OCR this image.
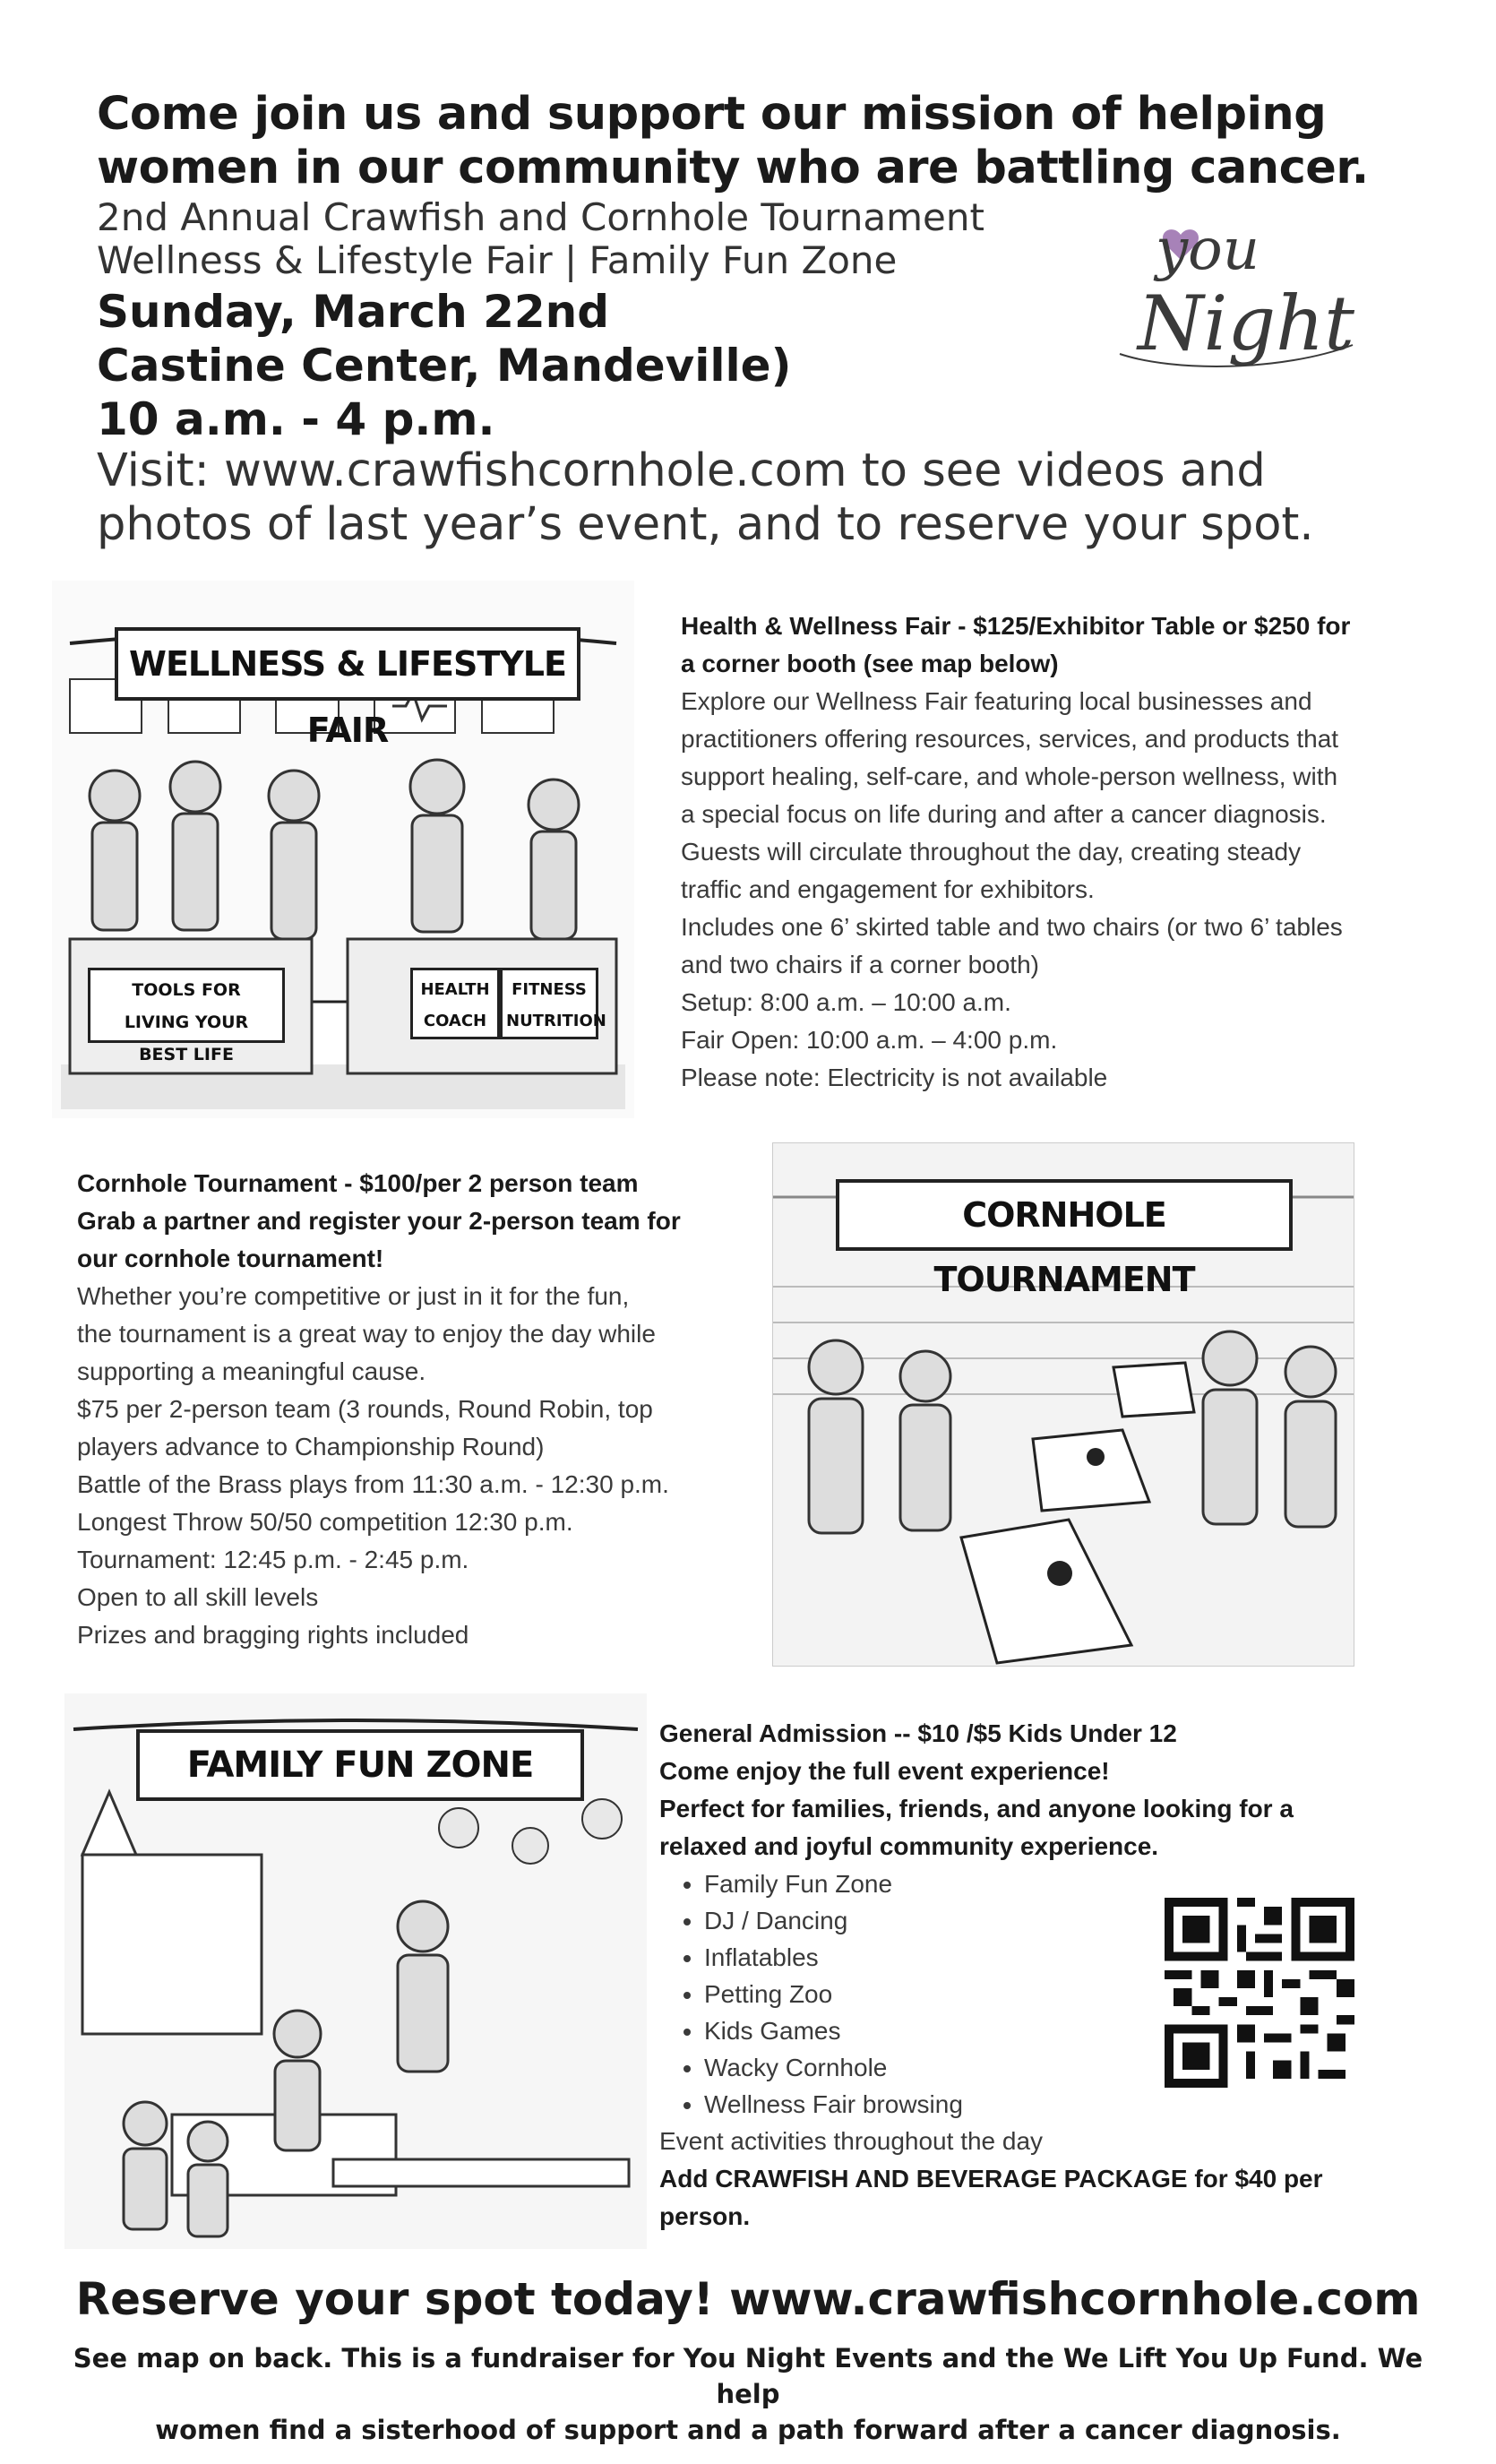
Come join us and support our mission of helping
women in our community who are battling cancer.
2nd Annual Crawfish and Cornhole Tournament
Wellness & Lifestyle Fair | Family Fun Zone
Sunday, March 22nd
Castine Center, Mandeville)
10 a.m. - 4 p.m.
Visit: www.crawfishcornhole.com to see videos and
photos of last year’s event, and to reserve your spot.
you
Night
WELLNESS & LIFESTYLE FAIR
TOOLS FOR LIVING YOUR BEST LIFE
HEALTH COACH
FITNESS NUTRITION
Health & Wellness Fair - $125/Exhibitor Table or $250 for
a corner booth (see map below)
Explore our Wellness Fair featuring local businesses and
practitioners offering resources, services, and products that
support healing, self-care, and whole-person wellness, with
a special focus on life during and after a cancer diagnosis.
Guests will circulate throughout the day, creating steady
traffic and engagement for exhibitors.
Includes one 6’ skirted table and two chairs (or two 6’ tables
and two chairs if a corner booth)
Setup: 8:00 a.m. – 10:00 a.m.
Fair Open: 10:00 a.m. – 4:00 p.m.
Please note: Electricity is not available
Cornhole Tournament - $100/per 2 person team
Grab a partner and register your 2-person team for
our cornhole tournament!
Whether you’re competitive or just in it for the fun,
the tournament is a great way to enjoy the day while
supporting a meaningful cause.
$75 per 2-person team (3 rounds, Round Robin, top
players advance to Championship Round)
Battle of the Brass plays from 11:30 a.m. - 12:30 p.m.
Longest Throw 50/50 competition 12:30 p.m.
Tournament: 12:45 p.m. - 2:45 p.m.
Open to all skill levels
Prizes and bragging rights included
CORNHOLE TOURNAMENT
FAMILY FUN ZONE
General Admission -- $10 /$5 Kids Under 12
Come enjoy the full event experience!
Perfect for families, friends, and anyone looking for a
relaxed and joyful community experience.
• Family Fun Zone
• DJ / Dancing
• Inflatables
• Petting Zoo
• Kids Games
• Wacky Cornhole
• Wellness Fair browsing
Event activities throughout the day
Add CRAWFISH AND BEVERAGE PACKAGE for $40 per
person.
Reserve your spot today! www.crawfishcornhole.com
See map on back. This is a fundraiser for You Night Events and the We Lift You Up Fund. We help
women find a sisterhood of support and a path forward after a cancer diagnosis.
